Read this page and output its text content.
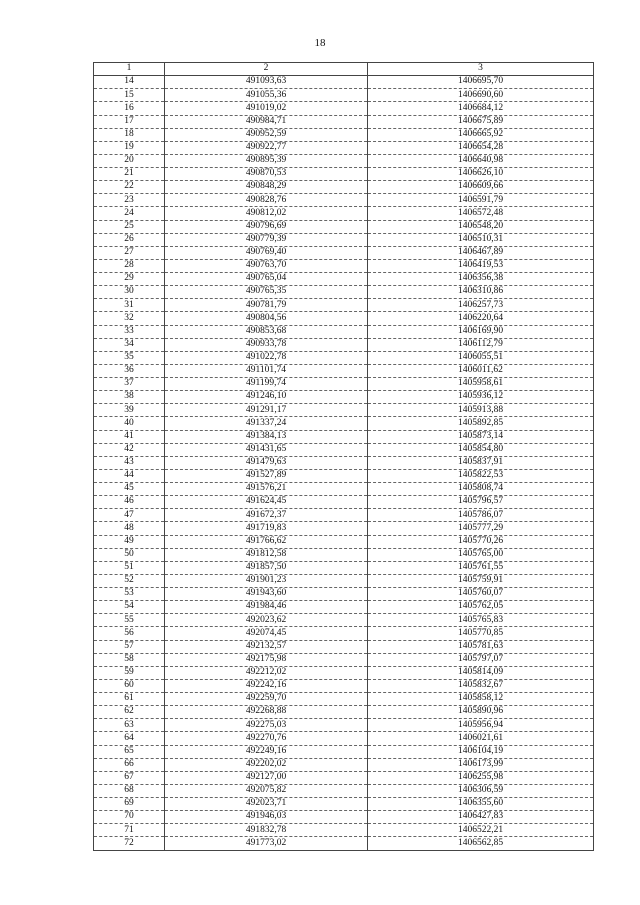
18
1	2	3
14	491093,63	1406695,70
15	491055,36	1406690,60
16	491019,02	1406684,12
17	490984,71	1406675,89
18	490952,59	1406665,92
19	490922,77	1406654,28
20	490895,39	1406640,98
21	490870,53	1406626,10
22	490848,29	1406609,66
23	490828,76	1406591,79
24	490812,02	1406572,48
25	490796,69	1406548,20
26	490779,39	1406510,31
27	490769,40	1406467,89
28	490763,70	1406419,53
29	490765,04	1406356,38
30	490765,35	1406310,86
31	490781,79	1406257,73
32	490804,56	1406220,64
33	490853,68	1406169,90
34	490933,78	1406112,79
35	491022,78	1406055,51
36	491101,74	1406011,62
37	491199,74	1405958,61
38	491246,10	1405936,12
39	491291,17	1405913,88
40	491337,24	1405892,85
41	491384,13	1405873,14
42	491431,65	1405854,80
43	491479,63	1405837,91
44	491527,89	1405822,53
45	491576,21	1405808,74
46	491624,45	1405796,57
47	491672,37	1405786,07
48	491719,83	1405777,29
49	491766,62	1405770,26
50	491812,58	1405765,00
51	491857,50	1405761,55
52	491901,23	1405759,91
53	491943,60	1405760,07
54	491984,46	1405762,05
55	492023,62	1405765,83
56	492074,45	1405770,85
57	492132,57	1405781,63
58	492175,98	1405797,07
59	492212,02	1405814,09
60	492242,16	1405832,67
61	492259,70	1405858,12
62	492268,88	1405890,96
63	492275,03	1405956,94
64	492270,76	1406021,61
65	492249,16	1406104,19
66	492202,02	1406173,99
67	492127,00	1406255,98
68	492075,82	1406306,59
69	492023,71	1406355,60
70	491946,03	1406427,83
71	491832,78	1406522,21
72	491773,02	1406562,85
